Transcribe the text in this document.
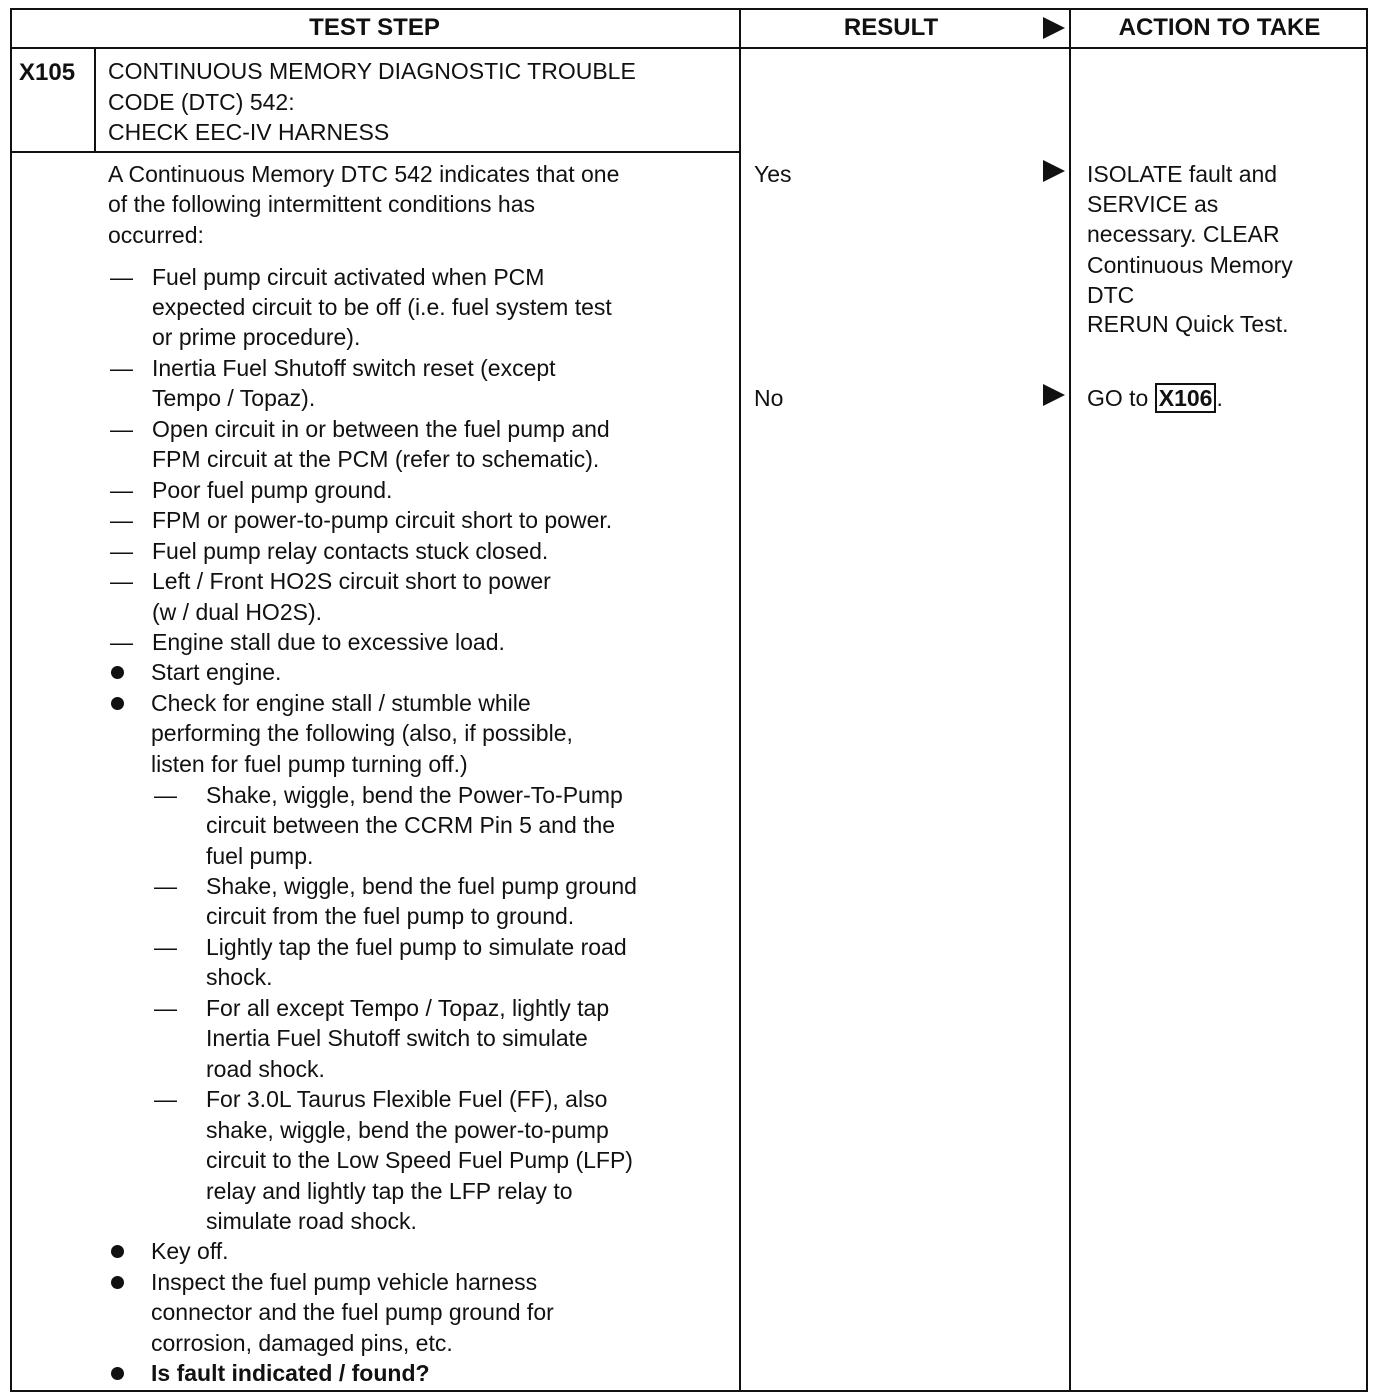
TEST STEP	RESULT	ACTION TO TAKE
X105 CONTINUOUS MEMORY DIAGNOSTIC TROUBLE
CODE (DTC) 542:
CHECK EEC-IV HARNESS
A Continuous Memory DTC 542 indicates that one
of the following intermittent conditions has
occurred:
— Fuel pump circuit activated when PCM
expected circuit to be off (i.e. fuel system test
or prime procedure).
— Inertia Fuel Shutoff switch reset (except
Tempo / Topaz).
— Open circuit in or between the fuel pump and
FPM circuit at the PCM (refer to schematic).
— Poor fuel pump ground.
— FPM or power-to-pump circuit short to power.
— Fuel pump relay contacts stuck closed.
— Left / Front HO2S circuit short to power
(w / dual HO2S).
— Engine stall due to excessive load.
Start engine.
Check for engine stall / stumble while
performing the following (also, if possible,
listen for fuel pump turning off.)
— Shake, wiggle, bend the Power-To-Pump
circuit between the CCRM Pin 5 and the
fuel pump.
— Shake, wiggle, bend the fuel pump ground
circuit from the fuel pump to ground.
— Lightly tap the fuel pump to simulate road
shock.
— For all except Tempo / Topaz, lightly tap
Inertia Fuel Shutoff switch to simulate
road shock.
— For 3.0L Taurus Flexible Fuel (FF), also
shake, wiggle, bend the power-to-pump
circuit to the Low Speed Fuel Pump (LFP)
relay and lightly tap the LFP relay to
simulate road shock.
Key off.
Inspect the fuel pump vehicle harness
connector and the fuel pump ground for
corrosion, damaged pins, etc.
Is fault indicated / found?
Yes
No
ISOLATE fault and
SERVICE as
necessary. CLEAR
Continuous Memory
DTC
RERUN Quick Test.
GO to X106 .
